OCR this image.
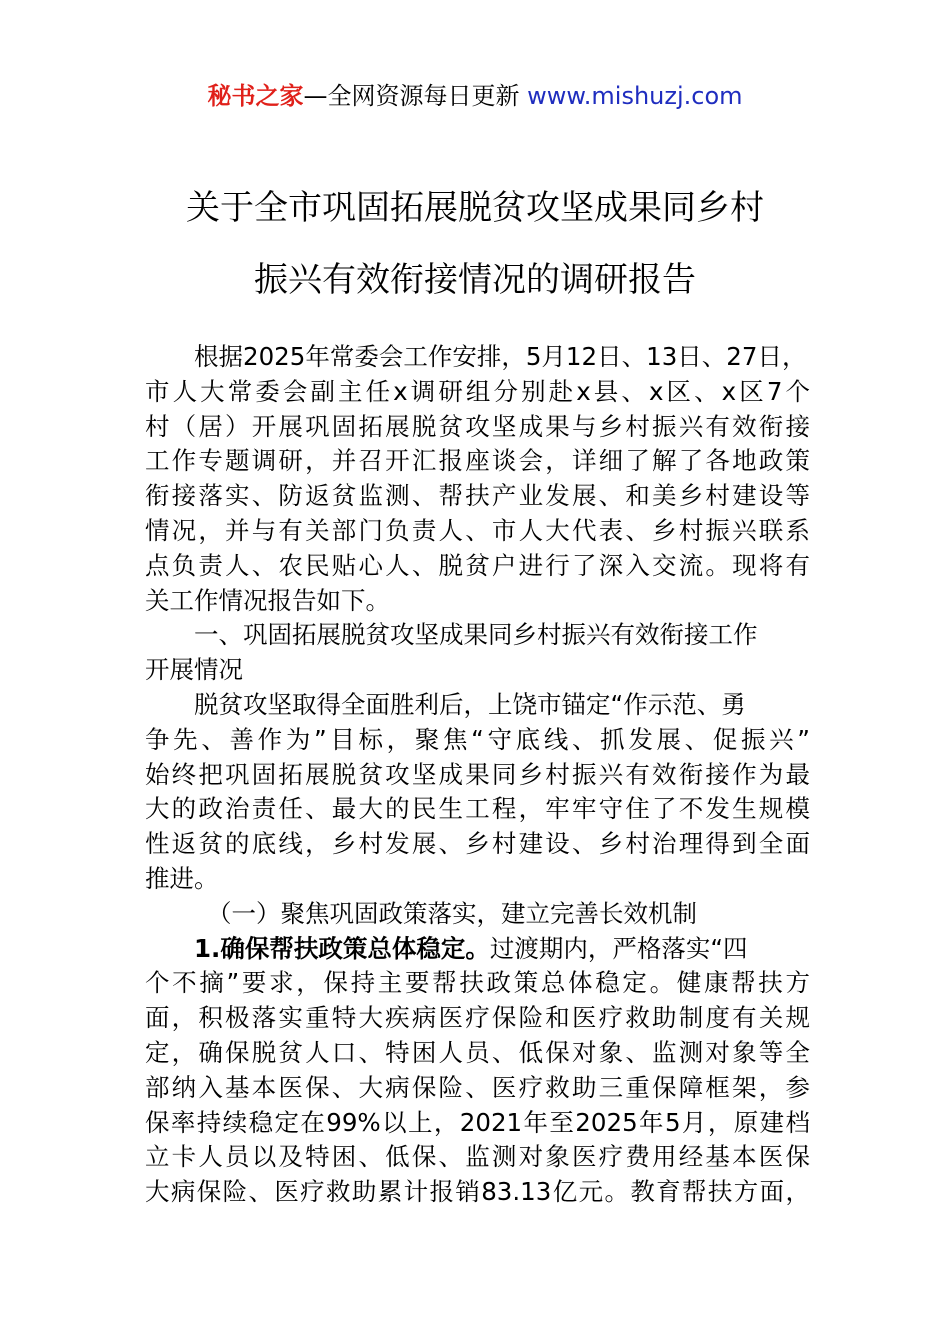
秘书之家—全网资源每日更新 www.mishuzj.com
关于全市巩固拓展脱贫攻坚成果同乡村
振兴有效衔接情况的调研报告
根据2025年常委会工作安排，5月12日、13日、27日，
市人大常委会副主任x调研组分别赴x县、x区、x区7个
村（居）开展巩固拓展脱贫攻坚成果与乡村振兴有效衔接
工作专题调研，并召开汇报座谈会，详细了解了各地政策
衔接落实、防返贫监测、帮扶产业发展、和美乡村建设等
情况，并与有关部门负责人、市人大代表、乡村振兴联系
点负责人、农民贴心人、脱贫户进行了深入交流。现将有
关工作情况报告如下。
一、巩固拓展脱贫攻坚成果同乡村振兴有效衔接工作
开展情况
脱贫攻坚取得全面胜利后，上饶市锚定“作示范、勇
争先、善作为”目标，聚焦“守底线、抓发展、促振兴”
始终把巩固拓展脱贫攻坚成果同乡村振兴有效衔接作为最
大的政治责任、最大的民生工程，牢牢守住了不发生规模
性返贫的底线，乡村发展、乡村建设、乡村治理得到全面
推进。
（一）聚焦巩固政策落实，建立完善长效机制
1.确保帮扶政策总体稳定。过渡期内，严格落实“四
个不摘”要求，保持主要帮扶政策总体稳定。健康帮扶方
面，积极落实重特大疾病医疗保险和医疗救助制度有关规
定，确保脱贫人口、特困人员、低保对象、监测对象等全
部纳入基本医保、大病保险、医疗救助三重保障框架，参
保率持续稳定在99%以上，2021年至2025年5月，原建档
立卡人员以及特困、低保、监测对象医疗费用经基本医保
大病保险、医疗救助累计报销83.13亿元。教育帮扶方面，
